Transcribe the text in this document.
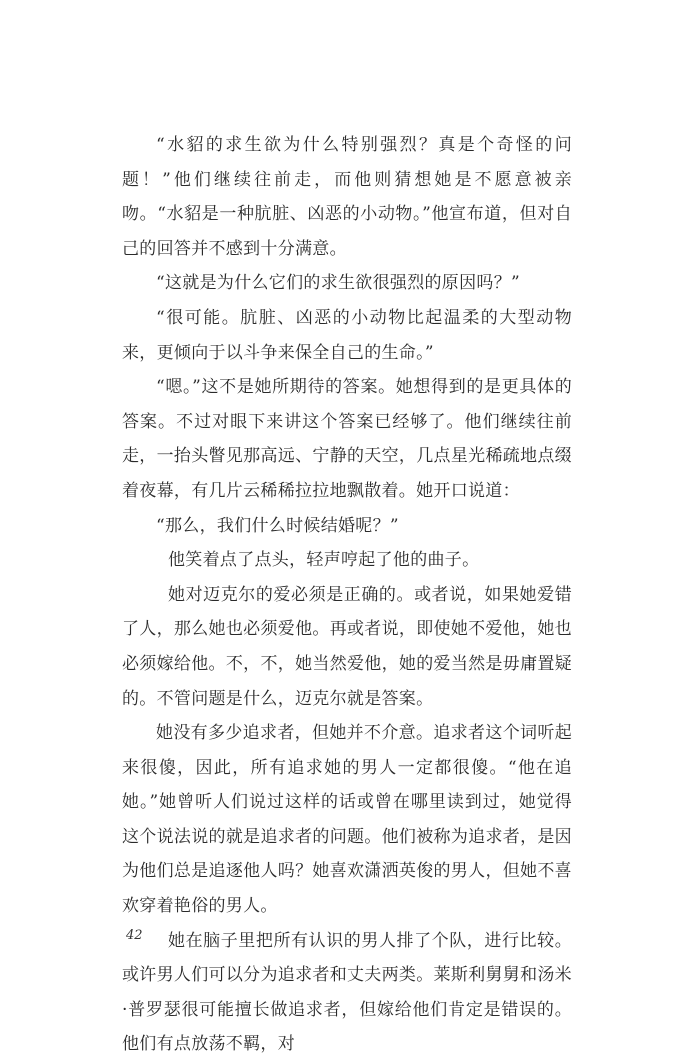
“水貂的求生欲为什么特别强烈？真是个奇怪的问题！”他们继续往前走，而他则猜想她是不愿意被亲吻。“水貂是一种肮脏、凶恶的小动物。”他宣布道，但对自己的回答并不感到十分满意。

“这就是为什么它们的求生欲很强烈的原因吗？”

“很可能。肮脏、凶恶的小动物比起温柔的大型动物来，更倾向于以斗争来保全自己的生命。”

“嗯。”这不是她所期待的答案。她想得到的是更具体的答案。不过对眼下来讲这个答案已经够了。他们继续往前走，一抬头瞥见那高远、宁静的天空，几点星光稀疏地点缀着夜幕，有几片云稀稀拉拉地飘散着。她开口说道：

“那么，我们什么时候结婚呢？”

他笑着点了点头，轻声哼起了他的曲子。

她对迈克尔的爱必须是正确的。或者说，如果她爱错了人，那么她也必须爱他。再或者说，即使她不爱他，她也必须嫁给他。不，不，她当然爱他，她的爱当然是毋庸置疑的。不管问题是什么，迈克尔就是答案。

她没有多少追求者，但她并不介意。追求者这个词听起来很傻，因此，所有追求她的男人一定都很傻。“他在追她。”她曾听人们说过这样的话或曾在哪里读到过，她觉得这个说法说的就是追求者的问题。他们被称为追求者，是因为他们总是追逐他人吗？她喜欢潇洒英俊的男人，但她不喜欢穿着艳俗的男人。

她在脑子里把所有认识的男人排了个队，进行比较。或许男人们可以分为追求者和丈夫两类。莱斯利舅舅和汤米·普罗瑟很可能擅长做追求者，但嫁给他们肯定是错误的。他们有点放荡不羁，对

42
